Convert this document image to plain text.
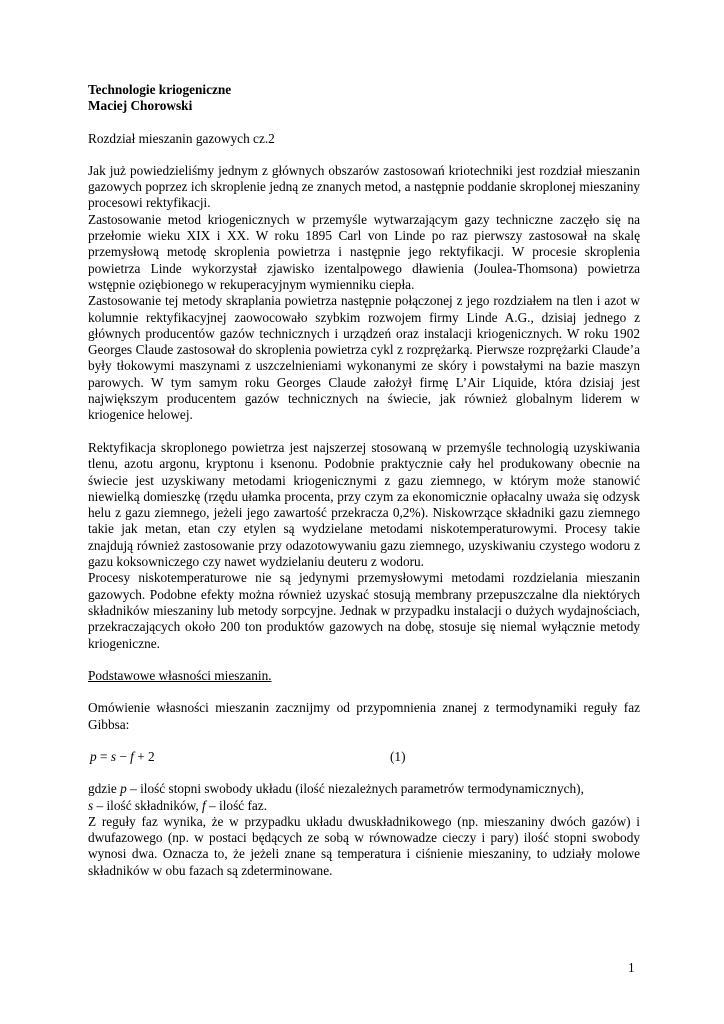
Technologie kriogeniczne

Maciej Chorowski

Rozdział mieszanin gazowych cz.2

Jak już powiedzieliśmy jednym z głównych obszarów zastosowań kriotechniki jest rozdział mieszanin gazowych poprzez ich skroplenie jedną ze znanych metod, a następnie poddanie skroplonej mieszaniny procesowi rektyfikacji.

Zastosowanie metod kriogenicznych w przemyśle wytwarzającym gazy techniczne zaczęło się na przełomie wieku XIX i XX. W roku 1895 Carl von Linde po raz pierwszy zastosował na skalę przemysłową metodę skroplenia powietrza i następnie jego rektyfikacji. W procesie skroplenia powietrza Linde wykorzystał zjawisko izentalpowego dławienia (Joulea-Thomsona) powietrza wstępnie oziębionego w rekuperacyjnym wymienniku ciepła.

Zastosowanie tej metody skraplania powietrza następnie połączonej z jego rozdziałem na tlen i azot w kolumnie rektyfikacyjnej zaowocowało szybkim rozwojem firmy Linde A.G., dzisiaj jednego z głównych producentów gazów technicznych i urządzeń oraz instalacji kriogenicznych. W roku 1902 Georges Claude zastosował do skroplenia powietrza cykl z rozprężarką. Pierwsze rozprężarki Claude’a były tłokowymi maszynami z uszczelnieniami wykonanymi ze skóry i powstałymi na bazie maszyn parowych. W tym samym roku Georges Claude założył firmę L’Air Liquide, która dzisiaj jest największym producentem gazów technicznych na świecie, jak również globalnym liderem w kriogenice helowej.

Rektyfikacja skroplonego powietrza jest najszerzej stosowaną w przemyśle technologią uzyskiwania tlenu, azotu argonu, kryptonu i ksenonu. Podobnie praktycznie cały hel produkowany obecnie na świecie jest uzyskiwany metodami kriogenicznymi z gazu ziemnego, w którym może stanowić niewielką domieszkę (rzędu ułamka procenta, przy czym za ekonomicznie opłacalny uważa się odzysk helu z gazu ziemnego, jeżeli jego zawartość przekracza 0,2%). Niskowrzące składniki gazu ziemnego takie jak metan, etan czy etylen są wydzielane metodami niskotemperaturowymi. Procesy takie znajdują również zastosowanie przy odazotowywaniu gazu ziemnego, uzyskiwaniu czystego wodoru z gazu koksowniczego czy nawet wydzielaniu deuteru z wodoru.

Procesy niskotemperaturowe nie są jedynymi przemysłowymi metodami rozdzielania mieszanin gazowych. Podobne efekty można również uzyskać stosują membrany przepuszczalne dla niektórych składników mieszaniny lub metody sorpcyjne. Jednak w przypadku instalacji o dużych wydajnościach, przekraczających około 200 ton produktów gazowych na dobę, stosuje się niemal wyłącznie metody kriogeniczne.

Podstawowe własności mieszanin.

Omówienie własności mieszanin zacznijmy od przypomnienia znanej z termodynamiki reguły faz Gibbsa:

p = s − f + 2	(1)

gdzie p – ilość stopni swobody układu (ilość niezależnych parametrów termodynamicznych),
s – ilość składników, f – ilość faz.

Z reguły faz wynika, że w przypadku układu dwuskładnikowego (np. mieszaniny dwóch gazów) i dwufazowego (np. w postaci będących ze sobą w równowadze cieczy i pary) ilość stopni swobody wynosi dwa. Oznacza to, że jeżeli znane są temperatura i ciśnienie mieszaniny, to udziały molowe składników w obu fazach są zdeterminowane.

1
